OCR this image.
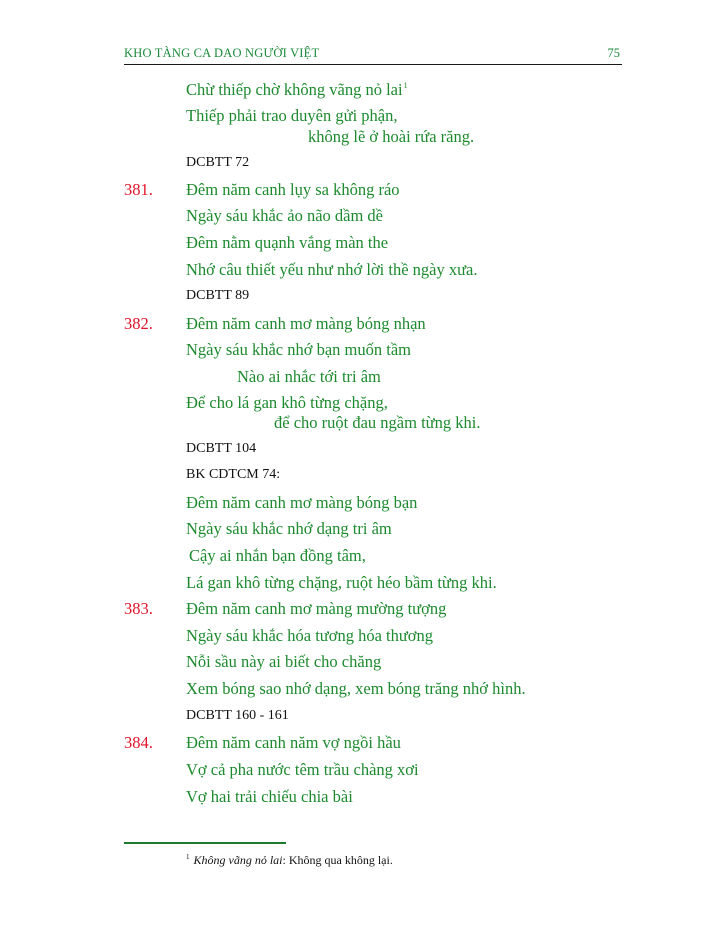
KHO TÀNG CA DAO NGƯỜI VIỆT	75
Chừ thiếp chờ không vãng nỏ lai$^1$
Thiếp phải trao duyên gửi phận,
không lẽ ở hoài rứa răng.
DCBTT 72
381. Đêm năm canh lụy sa không ráo
Ngày sáu khắc ảo não dầm dề
Đêm nằm quạnh vắng màn the
Nhớ câu thiết yếu như nhớ lời thề ngày xưa.
DCBTT 89
382. Đêm năm canh mơ màng bóng nhạn
Ngày sáu khắc nhớ bạn muốn tầm
Nào ai nhắc tới tri âm
Để cho lá gan khô từng chặng,
để cho ruột đau ngầm từng khi.
DCBTT 104
BK CDTCM 74:
Đêm năm canh mơ màng bóng bạn
Ngày sáu khắc nhớ dạng tri âm
Cậy ai nhắn bạn đồng tâm,
Lá gan khô từng chặng, ruột héo bầm từng khi.
383. Đêm năm canh mơ màng mường tượng
Ngày sáu khắc hóa tương hóa thương
Nỗi sầu này ai biết cho chăng
Xem bóng sao nhớ dạng, xem bóng trăng nhớ hình.
DCBTT 160 - 161
384. Đêm năm canh năm vợ ngồi hầu
Vợ cả pha nước têm trầu chàng xơi
Vợ hai trải chiếu chia bài
$^1$ Không vãng nỏ lai: Không qua không lại.
